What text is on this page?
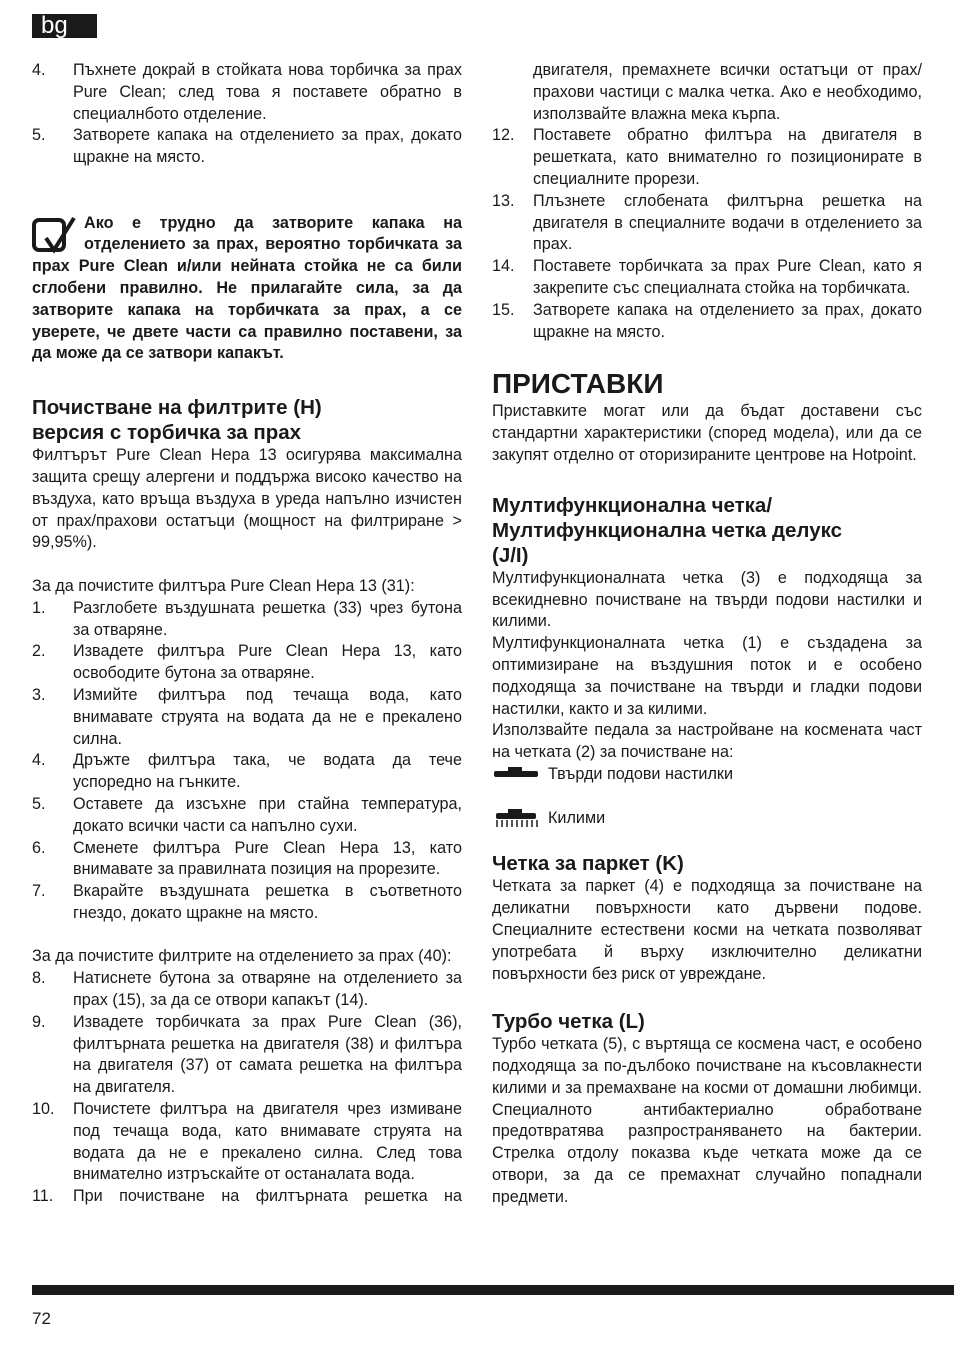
bg
4.	Пъхнете докрай в стойката нова торбичка за прах Pure Clean; след това я поставете обратно в специалнбото отделение.
5.	Затворете капака на отделението за прах, докато щракне на място.
Ако е трудно да затворите капака на отделението за прах, вероятно торбичката за прах Pure Clean и/или нейната стойка не са били сглобени правилно. Не прилагайте сила, за да затворите капака на торбичката за прах, а се уверете, че двете части са правилно поставени, за да може да се затвори капакът.
Почистване на филтрите (H)
версия с торбичка за прах

Филтърът Pure Clean Hepa 13 осигурява максимална защита срещу алергени и поддържа високо качество на въздуха, като връща въздуха в уреда напълно изчистен от прах/прахови остатъци (мощност на филтриране > 99,95%).

За да почистите филтъра Pure Clean Hepa 13 (31):

1.	Разглобете въздушната решетка (33) чрез бутона за отваряне.
2.	Извадете филтъра Pure Clean Hepa 13, като освободите бутона за отваряне.
3.	Измийте филтъра под течаща вода, като внимавате струята на водата да не е прекалено силна.
4.	Дръжте филтъра така, че водата да тече успоредно на гънките.
5.	Оставете да изсъхне при стайна температура, докато всички части са напълно сухи.
6.	Сменете филтъра Pure Clean Hepa 13, като внимавате за правилната позиция на прорезите.
7.	Вкарайте въздушната решетка в съответното гнездо, докато щракне на място.

За да почистите филтрите на отделението за прах (40):

8.	Натиснете бутона за отваряне на отделението за прах (15), за да се отвори капакът (14).
9.	Извадете торбичката за прах Pure Clean (36), филтърната решетка на двигателя (38) и филтъра на двигателя (37) от самата решетка на филтъра на двигателя.
10.	Почистете филтъра на двигателя чрез измиване под течаща вода, като внимавате струята на водата да не е прекалено силна. След това внимателно изтръскайте от останалата вода.
11.	При почистване на филтърната решетка на
двигателя, премахнете всички остатъци от прах/прахови частици с малка четка. Ако е необходимо, използвайте влажна мека кърпа.
12.	Поставете обратно филтъра на двигателя в решетката, като внимателно го позиционирате в специалните прорези.
13.	Плъзнете сглобената филтърна решетка на двигателя в специалните водачи в отделението за прах.
14.	Поставете торбичката за прах Pure Clean, като я закрепите със специалната стойка на торбичката.
15.	Затворете капака на отделението за прах, докато щракне на място.
ПРИСТАВКИ

Приставките могат или да бъдат доставени със стандартни характеристики (според модела), или да се закупят отделно от оторизираните центрове на Hotpoint.

Мултифункционална четка/
Мултифункционална четка делукс
(J/I)

Мултифункционалната четка (3) е подходяща за всекидневно почистване на твърди подови настилки и килими.

Мултифункционалната четка (1) е създадена за оптимизиране на въздушния поток и е особено подходяща за почистване на твърди и гладки подови настилки, както и за килими.

Използвайте педала за настройване на космената част на четката (2) за почистване на:

Твърди подови настилки
Килими
Четка за паркет (K)

Четката за паркет (4) е подходяща за почистване на деликатни повърхности като дървени подове. Специалните естествени косми на четката позволяват употребата й върху изключително деликатни повърхности без риск от увреждане.

Турбо четка (L)

Турбо четката (5), с въртяща се космена част, е особено подходяща за по-дълбоко почистване на късовлакнести килими и за премахване на косми от домашни любимци. Специалното антибактериално обработване предотвратява разпространяването на бактерии. Стрелка отдолу показва къде четката може да се отвори, за да се премахнат случайно попаднали предмети.

72
